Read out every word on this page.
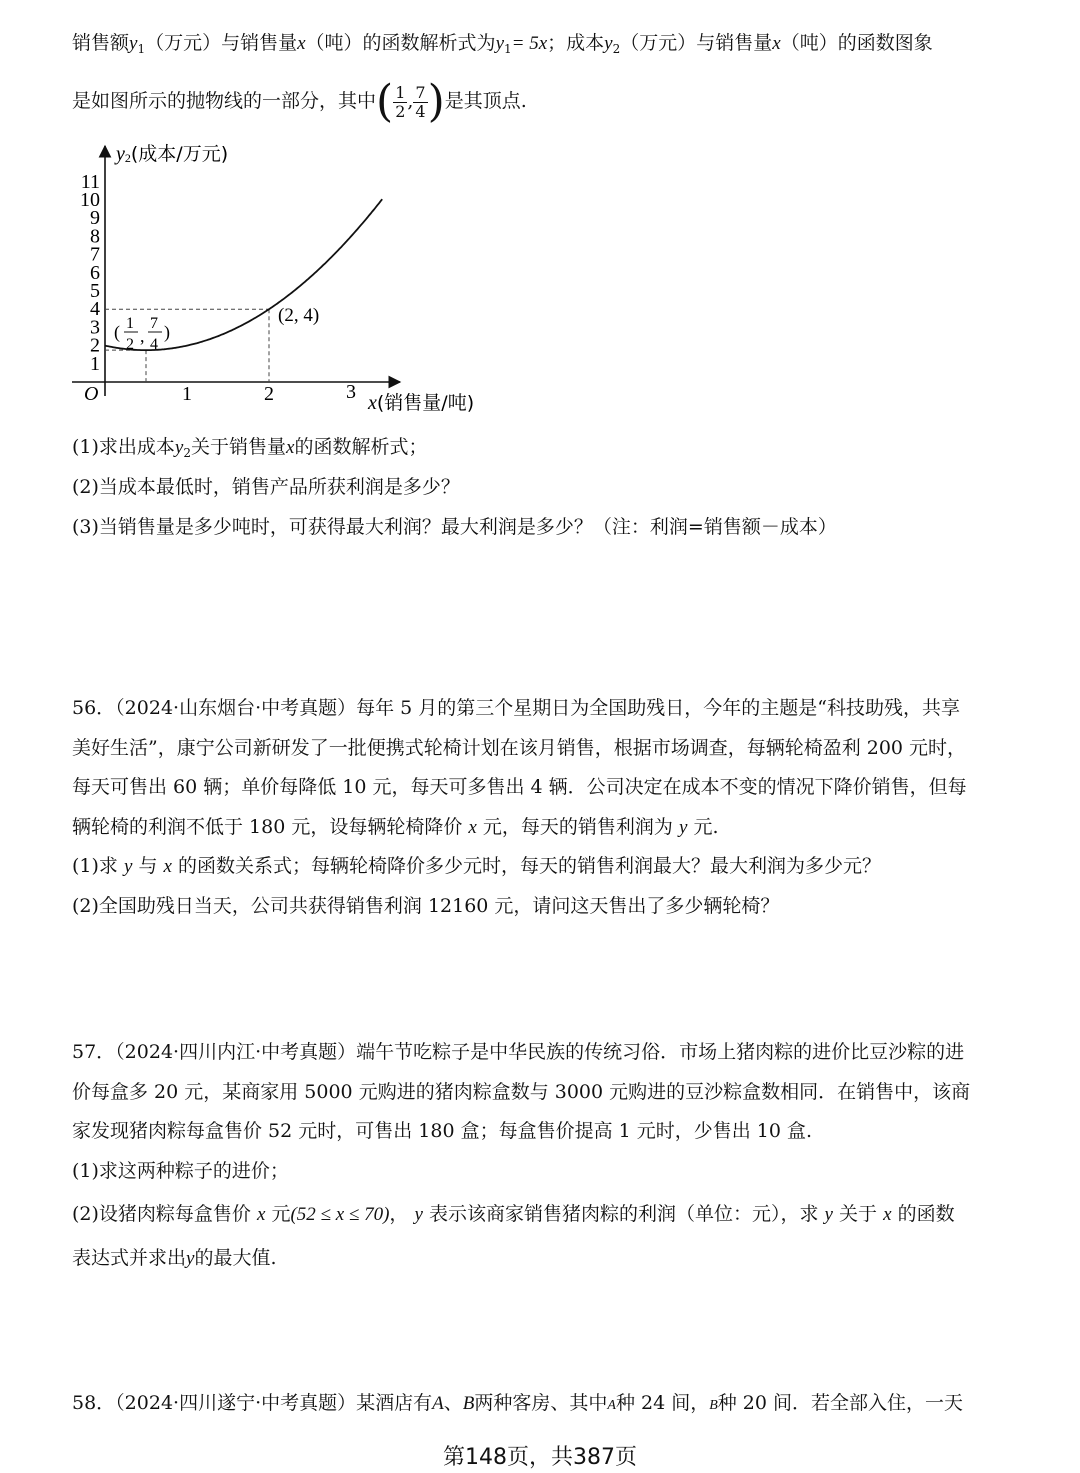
销售额$y_1$（万元）与销售量x（吨）的函数解析式为$y_1= 5x$；成本$y_2$（万元）与销售量x（吨）的函数图象
是如图所示的抛物线的一部分，其中( $\frac{1}{2}$ , $\frac{7}{4}$ )是其顶点.
1
2
3
4
5
6
7
8
9
10
11
1	2	3
O
y2(成本/万元)
x(销售量/吨)
( 1
2 ,
7
4
)
(2, 4)
(1)求出成本$y_2$关于销售量x的函数解析式；
(2)当成本最低时，销售产品所获利润是多少？
(3)当销售量是多少吨时，可获得最大利润？最大利润是多少？（注：利润=销售额－成本）
56．（2024·山东烟台·中考真题）每年 5 月的第三个星期日为全国助残日，今年的主题是“科技助残，共享
美好生活”，康宁公司新研发了一批便携式轮椅计划在该月销售，根据市场调查，每辆轮椅盈利 200 元时，
每天可售出 60 辆；单价每降低 10 元，每天可多售出 4 辆．公司决定在成本不变的情况下降价销售，但每
辆轮椅的利润不低于 180 元，设每辆轮椅降价 x 元，每天的销售利润为 y 元.
(1)求 y 与 x 的函数关系式；每辆轮椅降价多少元时，每天的销售利润最大？最大利润为多少元？
(2)全国助残日当天，公司共获得销售利润 12160 元，请问这天售出了多少辆轮椅？
57．（2024·四川内江·中考真题）端午节吃粽子是中华民族的传统习俗．市场上猪肉粽的进价比豆沙粽的进
价每盒多 20 元，某商家用 5000 元购进的猪肉粽盒数与 3000 元购进的豆沙粽盒数相同．在销售中，该商
家发现猪肉粽每盒售价 52 元时，可售出 180 盒；每盒售价提高 1 元时，少售出 10 盒.
(1)求这两种粽子的进价；
(2)设猪肉粽每盒售价 x 元(52 ≤ x ≤ 70)， y 表示该商家销售猪肉粽的利润（单位：元），求 y 关于 x 的函数
表达式并求出y的最大值.
58．（2024·四川遂宁·中考真题）某酒店有A、B两种客房、其中A种 24 间，B种 20 间．若全部入住，一天
第148页，共387页
